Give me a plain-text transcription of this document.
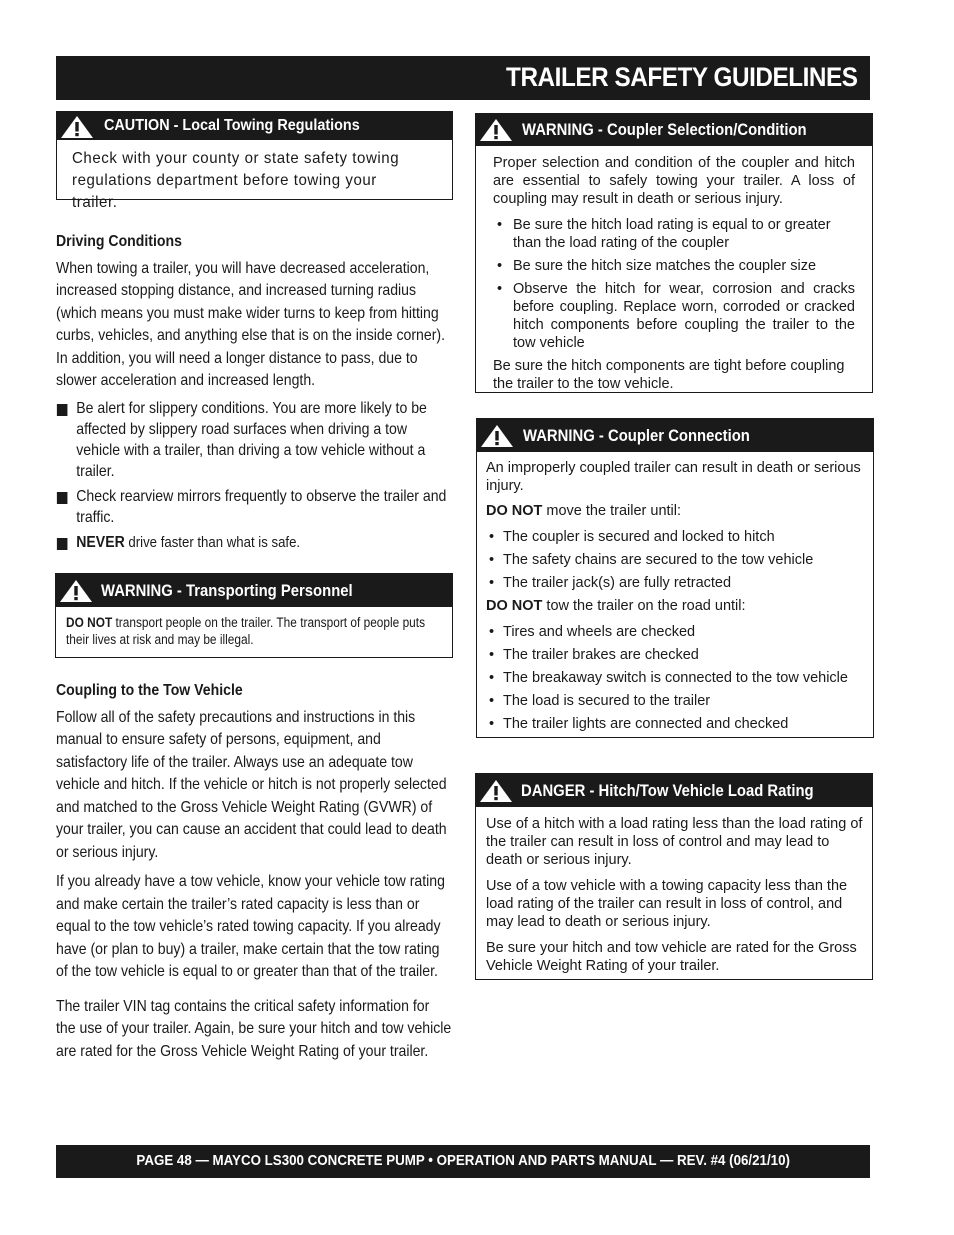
TRAILER SAFETY GUIDELINES
CAUTION - Local Towing Regulations
Check with your county or state safety towing regulations department before towing your trailer.
Driving Conditions

When towing a trailer, you will have decreased acceleration, increased stopping distance, and increased turning radius (which means you must make wider turns to keep from hitting curbs, vehicles, and anything else that is on the inside corner). In addition, you will need a longer distance to pass, due to slower acceleration and increased length.

Be alert for slippery conditions. You are more likely to be affected by slippery road surfaces when driving a tow vehicle with a trailer, than driving a tow vehicle without a trailer.
Check rearview mirrors frequently to observe the trailer and traffic.
NEVER drive faster than what is safe.
WARNING - Transporting Personnel
DO NOT transport people on the trailer. The transport of people puts their lives at risk and may be illegal.
Coupling to the Tow Vehicle

Follow all of the safety precautions and instructions in this manual to ensure safety of persons, equipment, and satisfactory life of the trailer. Always use an adequate tow vehicle and hitch. If the vehicle or hitch is not properly selected and matched to the Gross Vehicle Weight Rating (GVWR) of your trailer, you can cause an accident that could lead to death or serious injury.

If you already have a tow vehicle, know your vehicle tow rating and make certain the trailer’s rated capacity is less than or equal to the tow vehicle’s rated towing capacity. If you already have (or plan to buy) a trailer, make certain that the tow rating of the tow vehicle is equal to or greater than that of the trailer.

The trailer VIN tag contains the critical safety information for the use of your trailer. Again, be sure your hitch and tow vehicle are rated for the Gross Vehicle Weight Rating of your trailer.

WARNING - Coupler Selection/Condition

Proper selection and condition of the coupler and hitch are essential to safely towing your trailer. A loss of coupling may result in death or serious injury.

• Be sure the hitch load rating is equal to or greater than the load rating of the coupler
• Be sure the hitch size matches the coupler size
• Observe the hitch for wear, corrosion and cracks before coupling. Replace worn, corroded or cracked hitch components before coupling the trailer to the tow vehicle

Be sure the hitch components are tight before coupling the trailer to the tow vehicle.

WARNING - Coupler Connection

An improperly coupled trailer can result in death or serious injury.

DO NOT move the trailer until:

• The coupler is secured and locked to hitch
• The safety chains are secured to the tow vehicle
• The trailer jack(s) are fully retracted

DO NOT tow the trailer on the road until:

• Tires and wheels are checked
• The trailer brakes are checked
• The breakaway switch is connected to the tow vehicle
• The load is secured to the trailer
• The trailer lights are connected and checked
DANGER - Hitch/Tow Vehicle Load Rating

Use of a hitch with a load rating less than the load rating of the trailer can result in loss of control and may lead to death or serious injury.

Use of a tow vehicle with a towing capacity less than the load rating of the trailer can result in loss of control, and may lead to death or serious injury.

Be sure your hitch and tow vehicle are rated for the Gross Vehicle Weight Rating of your trailer.

PAGE 48 — MAYCO LS300 CONCRETE PUMP • OPERATION AND PARTS MANUAL — REV. #4 (06/21/10)
